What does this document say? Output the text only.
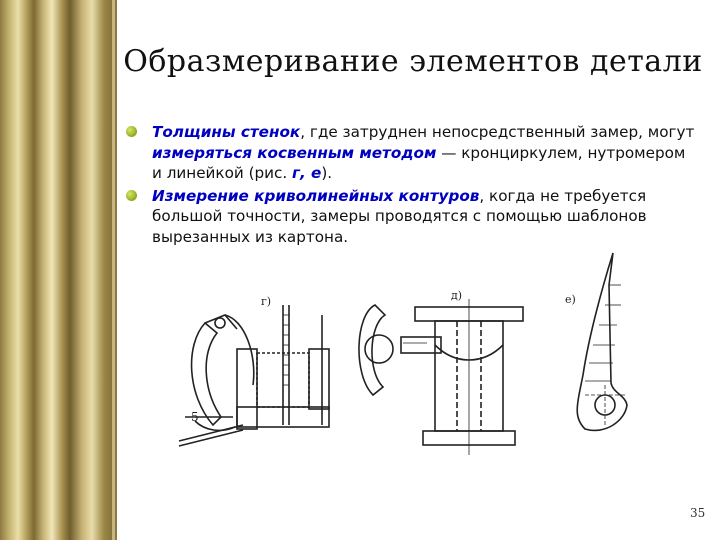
Образмеривание элементов детали
Толщины стенок, где затруднен непосредственный замер, могут измеряться косвенным методом — кронциркулем, нутромером и линейкой (рис. г, е).
Измерение криволинейных контуров, когда не требуется большой точности, замеры проводятся с помощью шаблонов вырезанных из картона.
г)
5
д)	е)
35
